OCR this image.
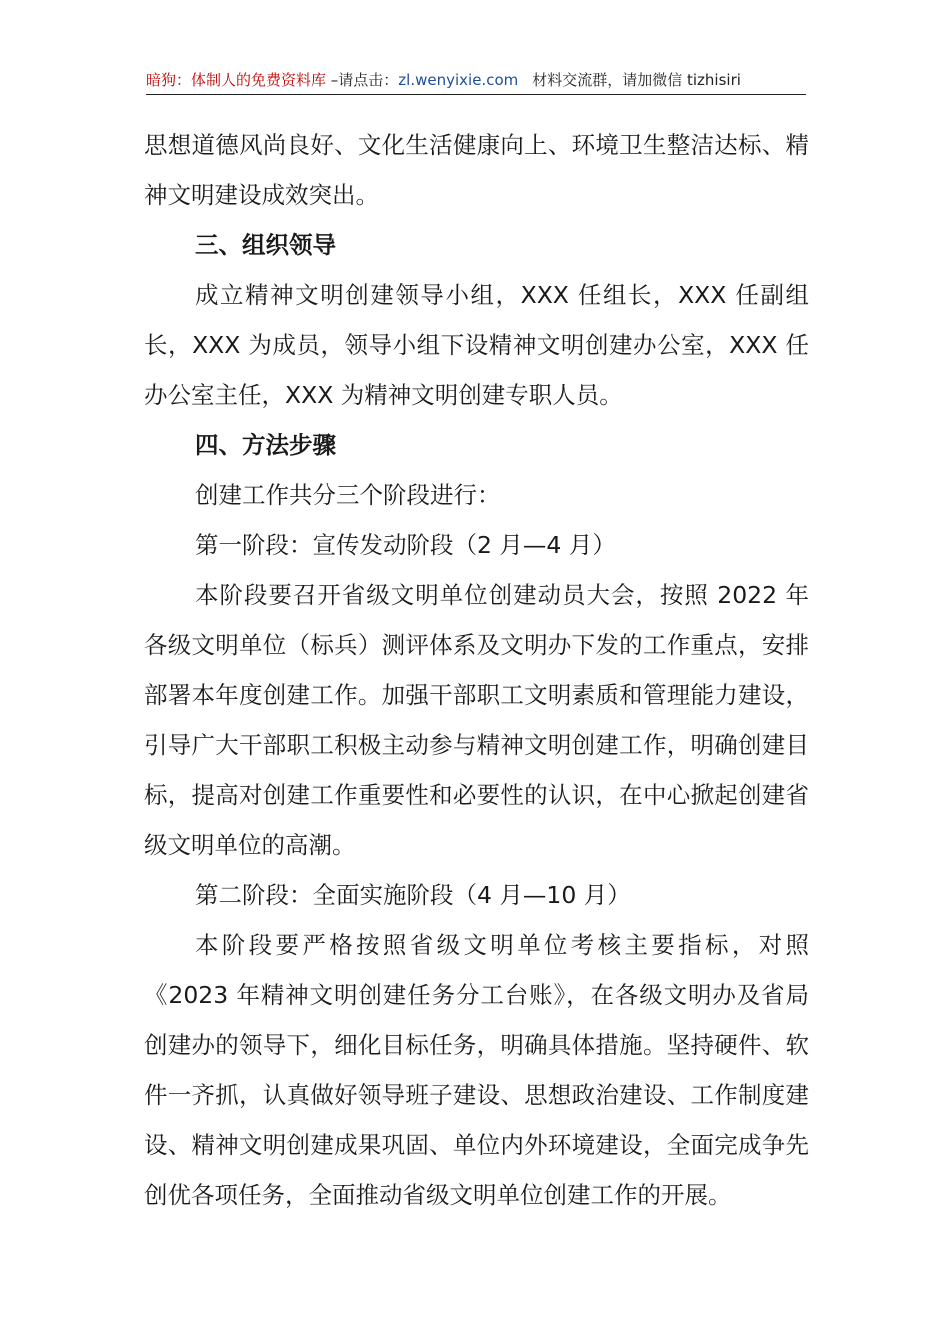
暗狗：体制人的免费资料库 –请点击：zl.wenyixie.com 材料交流群，请加微信 tizhisiri

思想道德风尚良好、文化生活健康向上、环境卫生整洁达标、精神文明建设成效突出。

三、组织领导

成立精神文明创建领导小组，XXX 任组长，XXX 任副组长，XXX 为成员，领导小组下设精神文明创建办公室，XXX 任办公室主任，XXX 为精神文明创建专职人员。

四、方法步骤

创建工作共分三个阶段进行：

第一阶段：宣传发动阶段（2 月—4 月）

本阶段要召开省级文明单位创建动员大会，按照 2022 年各级文明单位（标兵）测评体系及文明办下发的工作重点，安排部署本年度创建工作。加强干部职工文明素质和管理能力建设，引导广大干部职工积极主动参与精神文明创建工作，明确创建目标，提高对创建工作重要性和必要性的认识，在中心掀起创建省级文明单位的高潮。

第二阶段：全面实施阶段（4 月—10 月）

本阶段要严格按照省级文明单位考核主要指标，对照《2023 年精神文明创建任务分工台账》，在各级文明办及省局创建办的领导下，细化目标任务，明确具体措施。坚持硬件、软件一齐抓，认真做好领导班子建设、思想政治建设、工作制度建设、精神文明创建成果巩固、单位内外环境建设，全面完成争先创优各项任务，全面推动省级文明单位创建工作的开展。
